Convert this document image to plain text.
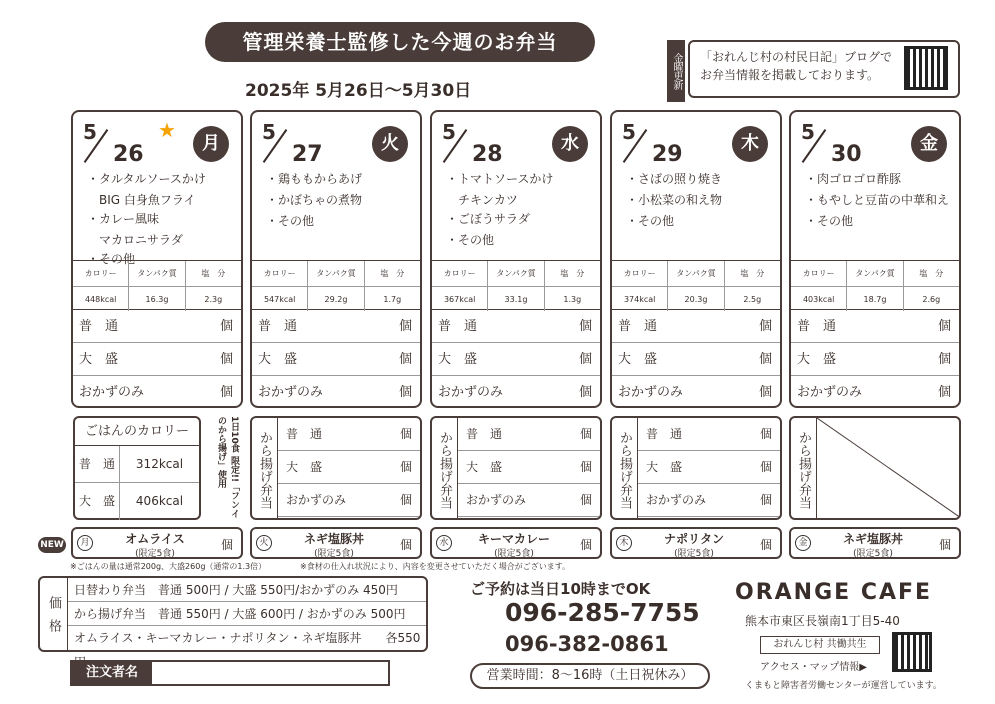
管理栄養士監修した今週のお弁当
2025年 5月26日〜5月30日
金曜更新 「おれんじ村の村民日記」ブログで
お弁当情報を掲載しております。
5
26
★
月
・タルタルソースかけ
　BIG 白身魚フライ
・カレー風味
　マカロニサラダ
・その他
カロリー	タンパク質	塩　分
448kcal	16.3g	2.3g
普　通	個
大　盛	個
おかずのみ	個
月	オムライス
(限定5食)
個
5
27	火
・鶏ももからあげ
・かぼちゃの煮物
・その他
カロリー	タンパク質	塩　分
547kcal	29.2g	1.7g
普　通	個
大　盛	個
おかずのみ	個
から揚げ弁当	普　通	個
大　盛	個
おかずのみ	個
火	ネギ塩豚丼
(限定5食)
個
5
28	水
・トマトソースかけ
　チキンカツ
・ごぼうサラダ
・その他
カロリー	タンパク質	塩　分
367kcal	33.1g	1.3g
普　通	個
大　盛	個
おかずのみ	個
から揚げ弁当	普　通	個
大　盛	個
おかずのみ	個
水	キーマカレー
(限定5食)
個
5
29	木
・さばの照り焼き
・小松菜の和え物
・その他
カロリー	タンパク質	塩　分
374kcal	20.3g	2.5g
普　通	個
大　盛	個
おかずのみ	個
から揚げ弁当	普　通	個
大　盛	個
おかずのみ	個
木	ナポリタン
(限定5食)
個
5
30	金
・肉ゴロゴロ酢豚
・もやしと豆苗の中華和え
・その他
カロリー	タンパク質	塩　分
403kcal	18.7g	2.6g
普　通	個
大　盛	個
おかずのみ	個
から揚げ弁当
金	ネギ塩豚丼
(限定5食)
個
ごはんのカロリー
普　通	312kcal
大　盛	406kcal	1日10食 限定!!「フンイのから揚げ」使用
NEW
※ごはんの量は通常200g、大盛260g（通常の1.3倍）	※食材の仕入れ状況により、内容を変更させていただく場合がございます。
価格
日替わり弁当　普通 500円 / 大盛 550円/おかずのみ 450円
から揚げ弁当　普通 550円 / 大盛 600円 / おかずのみ 500円
オムライス・キーマカレー・ナポリタン・ネギ塩豚丼　　各550
注文者名
ご予約は当日10時までOK
096-285-7755
096-382-0861
営業時間：8〜16時（土日祝休み）
ORANGE CAFE
熊本市東区長嶺南1丁目5-40
おれんじ村 共働共生
アクセス・マップ情報▶
くまもと障害者労働センターが運営しています。
